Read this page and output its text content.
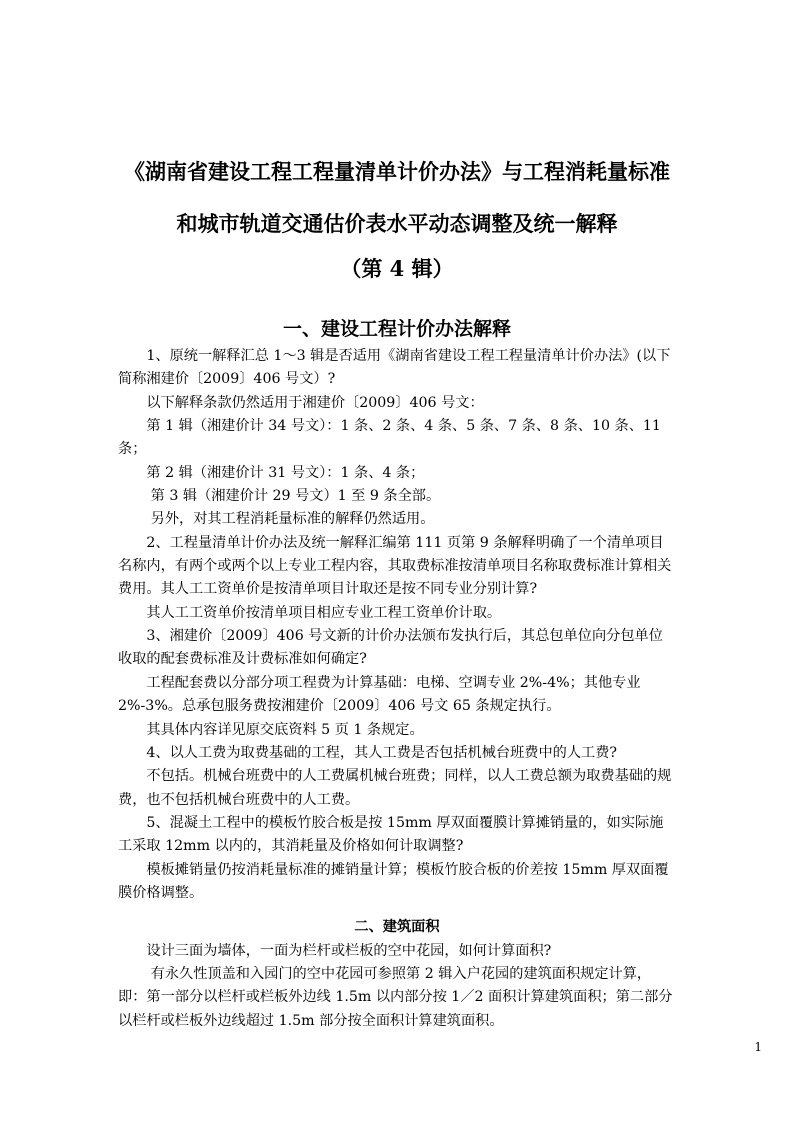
《湖南省建设工程工程量清单计价办法》与工程消耗量标准
和城市轨道交通估价表水平动态调整及统一解释
（第 4 辑）
一、建设工程计价办法解释

1、原统一解释汇总 1～3 辑是否适用《湖南省建设工程工程量清单计价办法》(以下简称湘建价〔2009〕406 号文）?

以下解释条款仍然适用于湘建价〔2009〕406 号文：

第 1 辑（湘建价计 34 号文）：1 条、2 条、4 条、5 条、7 条、8 条、10 条、11 条；

第 2 辑（湘建价计 31 号文）：1 条、4 条；

第 3 辑（湘建价计 29 号文）1 至 9 条全部。

另外，对其工程消耗量标准的解释仍然适用。

2、工程量清单计价办法及统一解释汇编第 111 页第 9 条解释明确了一个清单项目名称内，有两个或两个以上专业工程内容，其取费标准按清单项目名称取费标准计算相关费用。其人工工资单价是按清单项目计取还是按不同专业分别计算?

其人工工资单价按清单项目相应专业工程工资单价计取。

3、湘建价〔2009〕406 号文新的计价办法颁布发执行后，其总包单位向分包单位收取的配套费标准及计费标准如何确定?

工程配套费以分部分项工程费为计算基础：电梯、空调专业 2%-4%；其他专业 2%-3%。总承包服务费按湘建价〔2009〕406 号文 65 条规定执行。

其具体内容详见原交底资料 5 页 1 条规定。

4、以人工费为取费基础的工程，其人工费是否包括机械台班费中的人工费?

不包括。机械台班费中的人工费属机械台班费；同样，以人工费总额为取费基础的规费，也不包括机械台班费中的人工费。

5、混凝土工程中的模板竹胶合板是按 15mm 厚双面覆膜计算摊销量的，如实际施工采取 12mm 以内的，其消耗量及价格如何计取调整?

模板摊销量仍按消耗量标准的摊销量计算；模板竹胶合板的价差按 15mm 厚双面覆膜价格调整。

二、建筑面积

设计三面为墙体，一面为栏杆或栏板的空中花园，如何计算面积?

有永久性顶盖和入园门的空中花园可参照第 2 辑入户花园的建筑面积规定计算，即：第一部分以栏杆或栏板外边线 1.5m 以内部分按 1／2 面积计算建筑面积；第二部分以栏杆或栏板外边线超过 1.5m 部分按全面积计算建筑面积。

1
